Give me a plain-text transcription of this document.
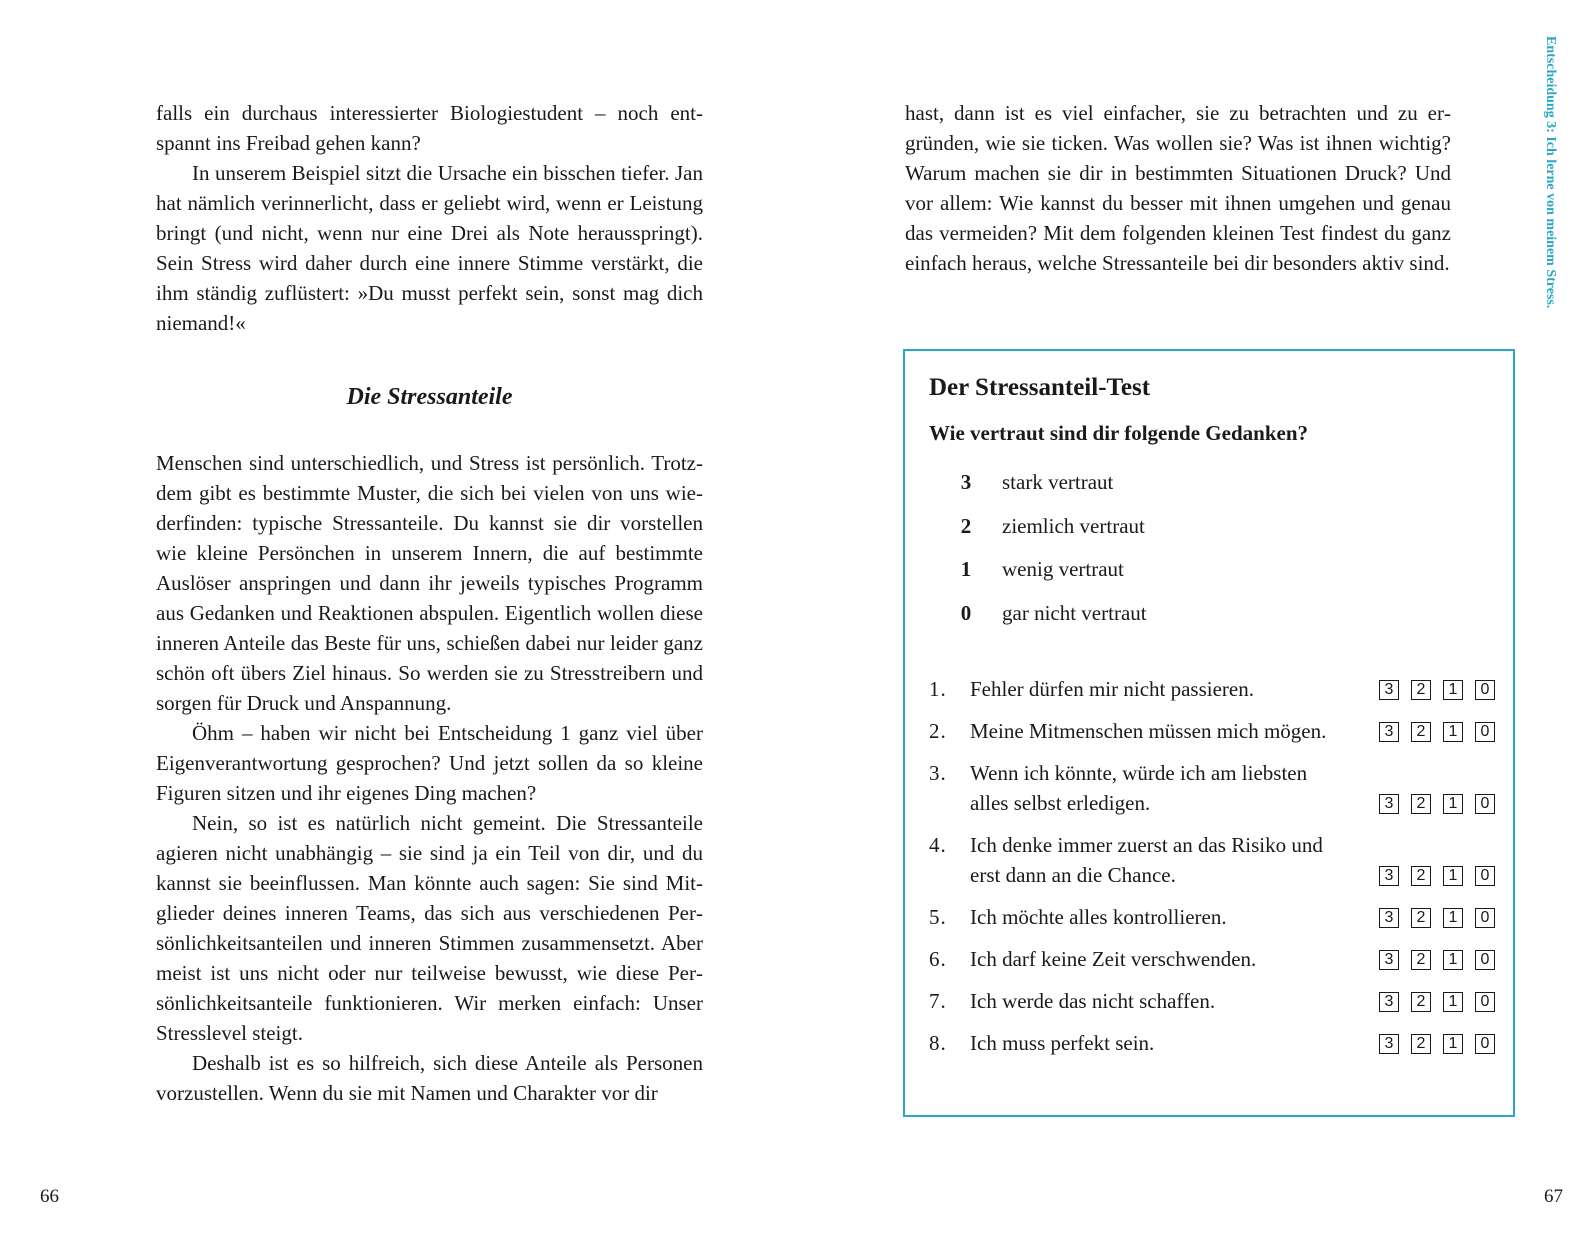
falls ein durchaus interessierter Biologiestudent – noch entspannt ins Freibad gehen kann?

In unserem Beispiel sitzt die Ursache ein bisschen tiefer. Jan hat nämlich verinnerlicht, dass er geliebt wird, wenn er Leistung bringt (und nicht, wenn nur eine Drei als Note herausspringt). Sein Stress wird daher durch eine innere Stimme verstärkt, die ihm ständig zuflüstert: »Du musst perfekt sein, sonst mag dich niemand!«

Die Stressanteile

Menschen sind unterschiedlich, und Stress ist persönlich. Trotzdem gibt es bestimmte Muster, die sich bei vielen von uns wiederfinden: typische Stressanteile. Du kannst sie dir vorstellen wie kleine Persönchen in unserem Innern, die auf bestimmte Auslöser anspringen und dann ihr jeweils typisches Programm aus Gedanken und Reaktionen abspulen. Eigentlich wollen diese inneren Anteile das Beste für uns, schießen dabei nur leider ganz schön oft übers Ziel hinaus. So werden sie zu Stresstreibern und sorgen für Druck und Anspannung.

Öhm – haben wir nicht bei Entscheidung 1 ganz viel über Eigenverantwortung gesprochen? Und jetzt sollen da so kleine Figuren sitzen und ihr eigenes Ding machen?

Nein, so ist es natürlich nicht gemeint. Die Stressanteile agieren nicht unabhängig – sie sind ja ein Teil von dir, und du kannst sie beeinflussen. Man könnte auch sagen: Sie sind Mitglieder deines inneren Teams, das sich aus verschiedenen Persönlichkeitsanteilen und inneren Stimmen zusammensetzt. Aber meist ist uns nicht oder nur teilweise bewusst, wie diese Persönlichkeitsanteile funktionieren. Wir merken einfach: Unser Stresslevel steigt.

Deshalb ist es so hilfreich, sich diese Anteile als Personen vorzustellen. Wenn du sie mit Namen und Charakter vor dir

66
Entscheidung 3: Ich lerne von meinem Stress.

hast, dann ist es viel einfacher, sie zu betrachten und zu ergründen, wie sie ticken. Was wollen sie? Was ist ihnen wichtig? Warum machen sie dir in bestimmten Situationen Druck? Und vor allem: Wie kannst du besser mit ihnen umgehen und genau das vermeiden? Mit dem folgenden kleinen Test findest du ganz einfach heraus, welche Stressanteile bei dir besonders aktiv sind.

Der Stressanteil-Test
Wie vertraut sind dir folgende Gedanken?
3	stark vertraut
2	ziemlich vertraut
1	wenig vertraut
0	gar nicht vertraut
1.	Fehler dürfen mir nicht passieren.	3	2	1	0
2.	Meine Mitmenschen müssen mich mögen.	3	2	1	0
3.	Wenn ich könnte, würde ich am liebsten alles selbst erledigen.	3	2	1	0
4.	Ich denke immer zuerst an das Risiko und erst dann an die Chance.	3	2	1	0
5.	Ich möchte alles kontrollieren.	3	2	1	0
6.	Ich darf keine Zeit verschwenden.	3	2	1	0
7.	Ich werde das nicht schaffen.	3	2	1	0
8.	Ich muss perfekt sein.	3	2	1	0
67
